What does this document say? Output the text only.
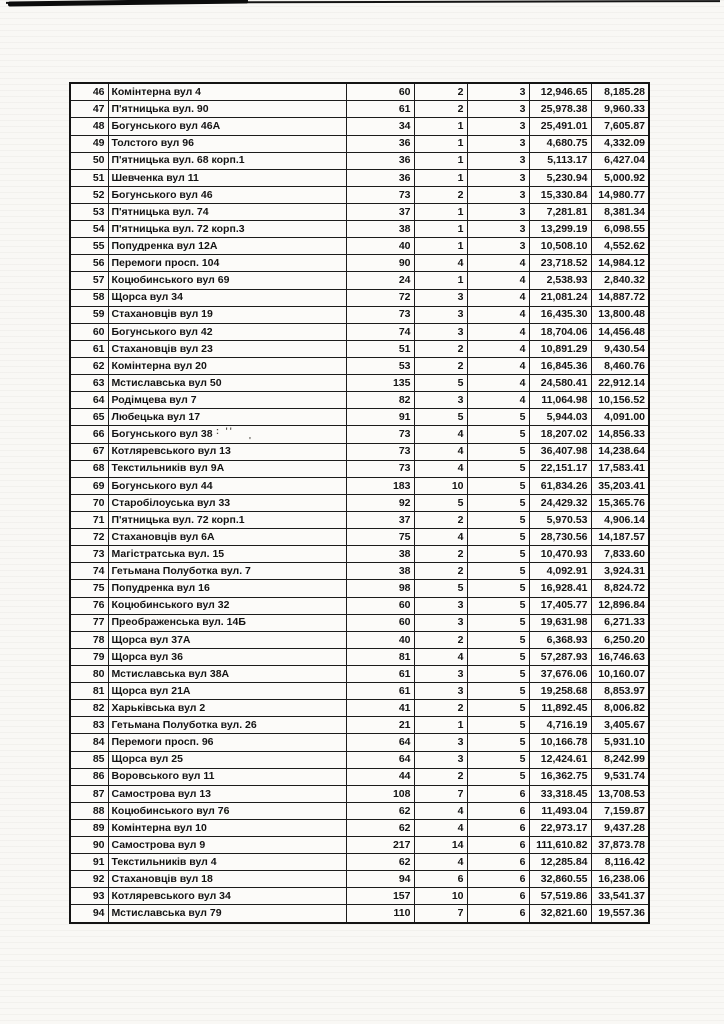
46	Комінтерна вул 4	60	2	3	12,946.65	8,185.28
47	П'ятницька вул. 90	61	2	3	25,978.38	9,960.33
48	Богунського вул 46А	34	1	3	25,491.01	7,605.87
49	Толстого вул 96	36	1	3	4,680.75	4,332.09
50	П'ятницька вул. 68 корп.1	36	1	3	5,113.17	6,427.04
51	Шевченка вул 11	36	1	3	5,230.94	5,000.92
52	Богунського вул 46	73	2	3	15,330.84	14,980.77
53	П'ятницька вул. 74	37	1	3	7,281.81	8,381.34
54	П'ятницька вул. 72 корп.3	38	1	3	13,299.19	6,098.55
55	Попудренка вул 12А	40	1	3	10,508.10	4,552.62
56	Перемоги просп. 104	90	4	4	23,718.52	14,984.12
57	Коцюбинського вул 69	24	1	4	2,538.93	2,840.32
58	Щорса вул 34	72	3	4	21,081.24	14,887.72
59	Стахановців вул 19	73	3	4	16,435.30	13,800.48
60	Богунського вул 42	74	3	4	18,704.06	14,456.48
61	Стахановців вул 23	51	2	4	10,891.29	9,430.54
62	Комінтерна вул 20	53	2	4	16,845.36	8,460.76
63	Мстиславська вул 50	135	5	4	24,580.41	22,912.14
64	Родімцева вул 7	82	3	4	11,064.98	10,156.52
65	Любецька вул 17	91	5	5	5,944.03	4,091.00
66	Богунського вул 38	73	4	5	18,207.02	14,856.33
67	Котляревського вул 13	73	4	5	36,407.98	14,238.64
68	Текстильників вул 9А	73	4	5	22,151.17	17,583.41
69	Богунського вул 44	183	10	5	61,834.26	35,203.41
70	Старобілоуська вул 33	92	5	5	24,429.32	15,365.76
71	П'ятницька вул. 72 корп.1	37	2	5	5,970.53	4,906.14
72	Стахановців вул 6А	75	4	5	28,730.56	14,187.57
73	Магістратська вул. 15	38	2	5	10,470.93	7,833.60
74	Гетьмана Полуботка вул. 7	38	2	5	4,092.91	3,924.31
75	Попудренка вул 16	98	5	5	16,928.41	8,824.72
76	Коцюбинського вул 32	60	3	5	17,405.77	12,896.84
77	Преображенська вул. 14Б	60	3	5	19,631.98	6,271.33
78	Щорса вул 37А	40	2	5	6,368.93	6,250.20
79	Щорса вул 36	81	4	5	57,287.93	16,746.63
80	Мстиславська вул 38А	61	3	5	37,676.06	10,160.07
81	Щорса вул 21А	61	3	5	19,258.68	8,853.97
82	Харьківська вул 2	41	2	5	11,892.45	8,006.82
83	Гетьмана Полуботка вул. 26	21	1	5	4,716.19	3,405.67
84	Перемоги просп. 96	64	3	5	10,166.78	5,931.10
85	Щорса вул 25	64	3	5	12,424.61	8,242.99
86	Воровського вул 11	44	2	5	16,362.75	9,531.74
87	Самострова вул 13	108	7	6	33,318.45	13,708.53
88	Коцюбинського вул 76	62	4	6	11,493.04	7,159.87
89	Комінтерна вул 10	62	4	6	22,973.17	9,437.28
90	Самострова вул 9	217	14	6	111,610.82	37,873.78
91	Текстильників вул 4	62	4	6	12,285.84	8,116.42
92	Стахановців вул 18	94	6	6	32,860.55	16,238.06
93	Котляревського вул 34	157	10	6	57,519.86	33,541.37
94	Мстиславська вул 79	110	7	6	32,821.60	19,557.36
: ''
'
